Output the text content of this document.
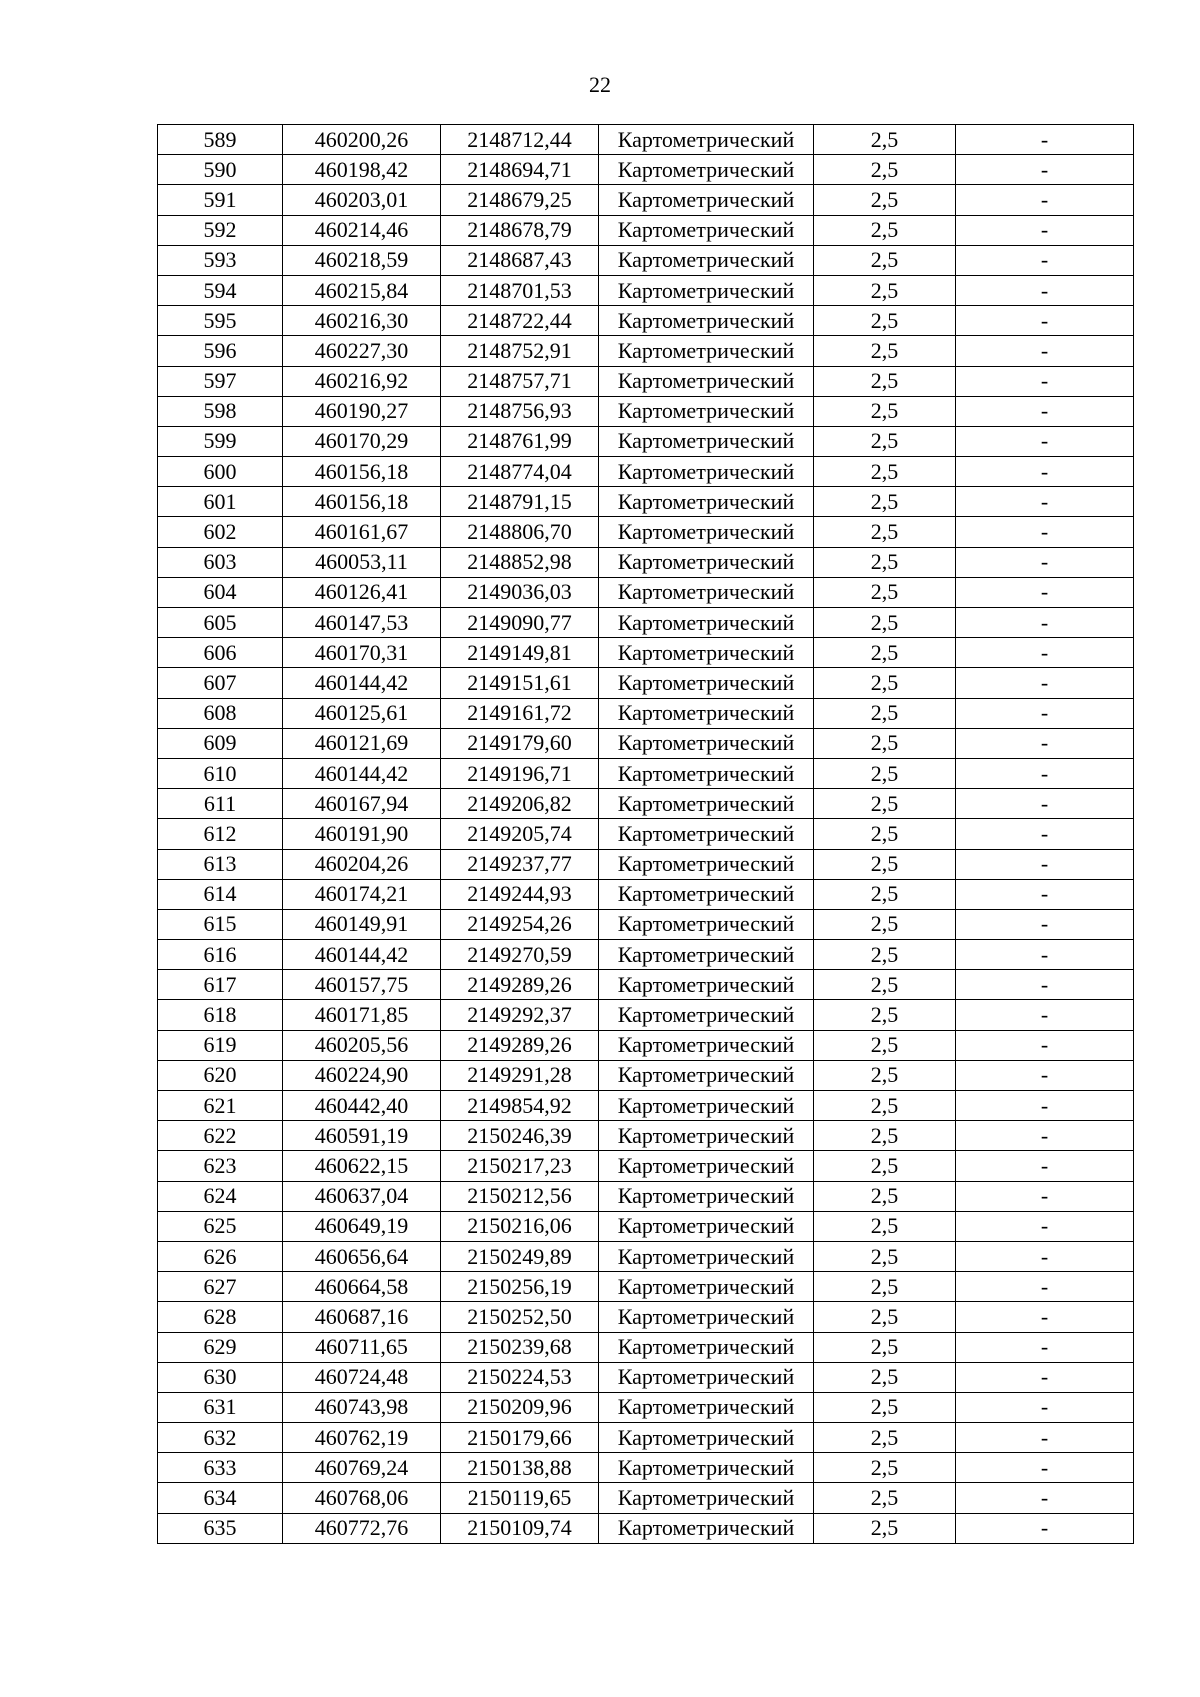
22
589	460200,26	2148712,44	Картометрический	2,5	-
590	460198,42	2148694,71	Картометрический	2,5	-
591	460203,01	2148679,25	Картометрический	2,5	-
592	460214,46	2148678,79	Картометрический	2,5	-
593	460218,59	2148687,43	Картометрический	2,5	-
594	460215,84	2148701,53	Картометрический	2,5	-
595	460216,30	2148722,44	Картометрический	2,5	-
596	460227,30	2148752,91	Картометрический	2,5	-
597	460216,92	2148757,71	Картометрический	2,5	-
598	460190,27	2148756,93	Картометрический	2,5	-
599	460170,29	2148761,99	Картометрический	2,5	-
600	460156,18	2148774,04	Картометрический	2,5	-
601	460156,18	2148791,15	Картометрический	2,5	-
602	460161,67	2148806,70	Картометрический	2,5	-
603	460053,11	2148852,98	Картометрический	2,5	-
604	460126,41	2149036,03	Картометрический	2,5	-
605	460147,53	2149090,77	Картометрический	2,5	-
606	460170,31	2149149,81	Картометрический	2,5	-
607	460144,42	2149151,61	Картометрический	2,5	-
608	460125,61	2149161,72	Картометрический	2,5	-
609	460121,69	2149179,60	Картометрический	2,5	-
610	460144,42	2149196,71	Картометрический	2,5	-
611	460167,94	2149206,82	Картометрический	2,5	-
612	460191,90	2149205,74	Картометрический	2,5	-
613	460204,26	2149237,77	Картометрический	2,5	-
614	460174,21	2149244,93	Картометрический	2,5	-
615	460149,91	2149254,26	Картометрический	2,5	-
616	460144,42	2149270,59	Картометрический	2,5	-
617	460157,75	2149289,26	Картометрический	2,5	-
618	460171,85	2149292,37	Картометрический	2,5	-
619	460205,56	2149289,26	Картометрический	2,5	-
620	460224,90	2149291,28	Картометрический	2,5	-
621	460442,40	2149854,92	Картометрический	2,5	-
622	460591,19	2150246,39	Картометрический	2,5	-
623	460622,15	2150217,23	Картометрический	2,5	-
624	460637,04	2150212,56	Картометрический	2,5	-
625	460649,19	2150216,06	Картометрический	2,5	-
626	460656,64	2150249,89	Картометрический	2,5	-
627	460664,58	2150256,19	Картометрический	2,5	-
628	460687,16	2150252,50	Картометрический	2,5	-
629	460711,65	2150239,68	Картометрический	2,5	-
630	460724,48	2150224,53	Картометрический	2,5	-
631	460743,98	2150209,96	Картометрический	2,5	-
632	460762,19	2150179,66	Картометрический	2,5	-
633	460769,24	2150138,88	Картометрический	2,5	-
634	460768,06	2150119,65	Картометрический	2,5	-
635	460772,76	2150109,74	Картометрический	2,5	-
